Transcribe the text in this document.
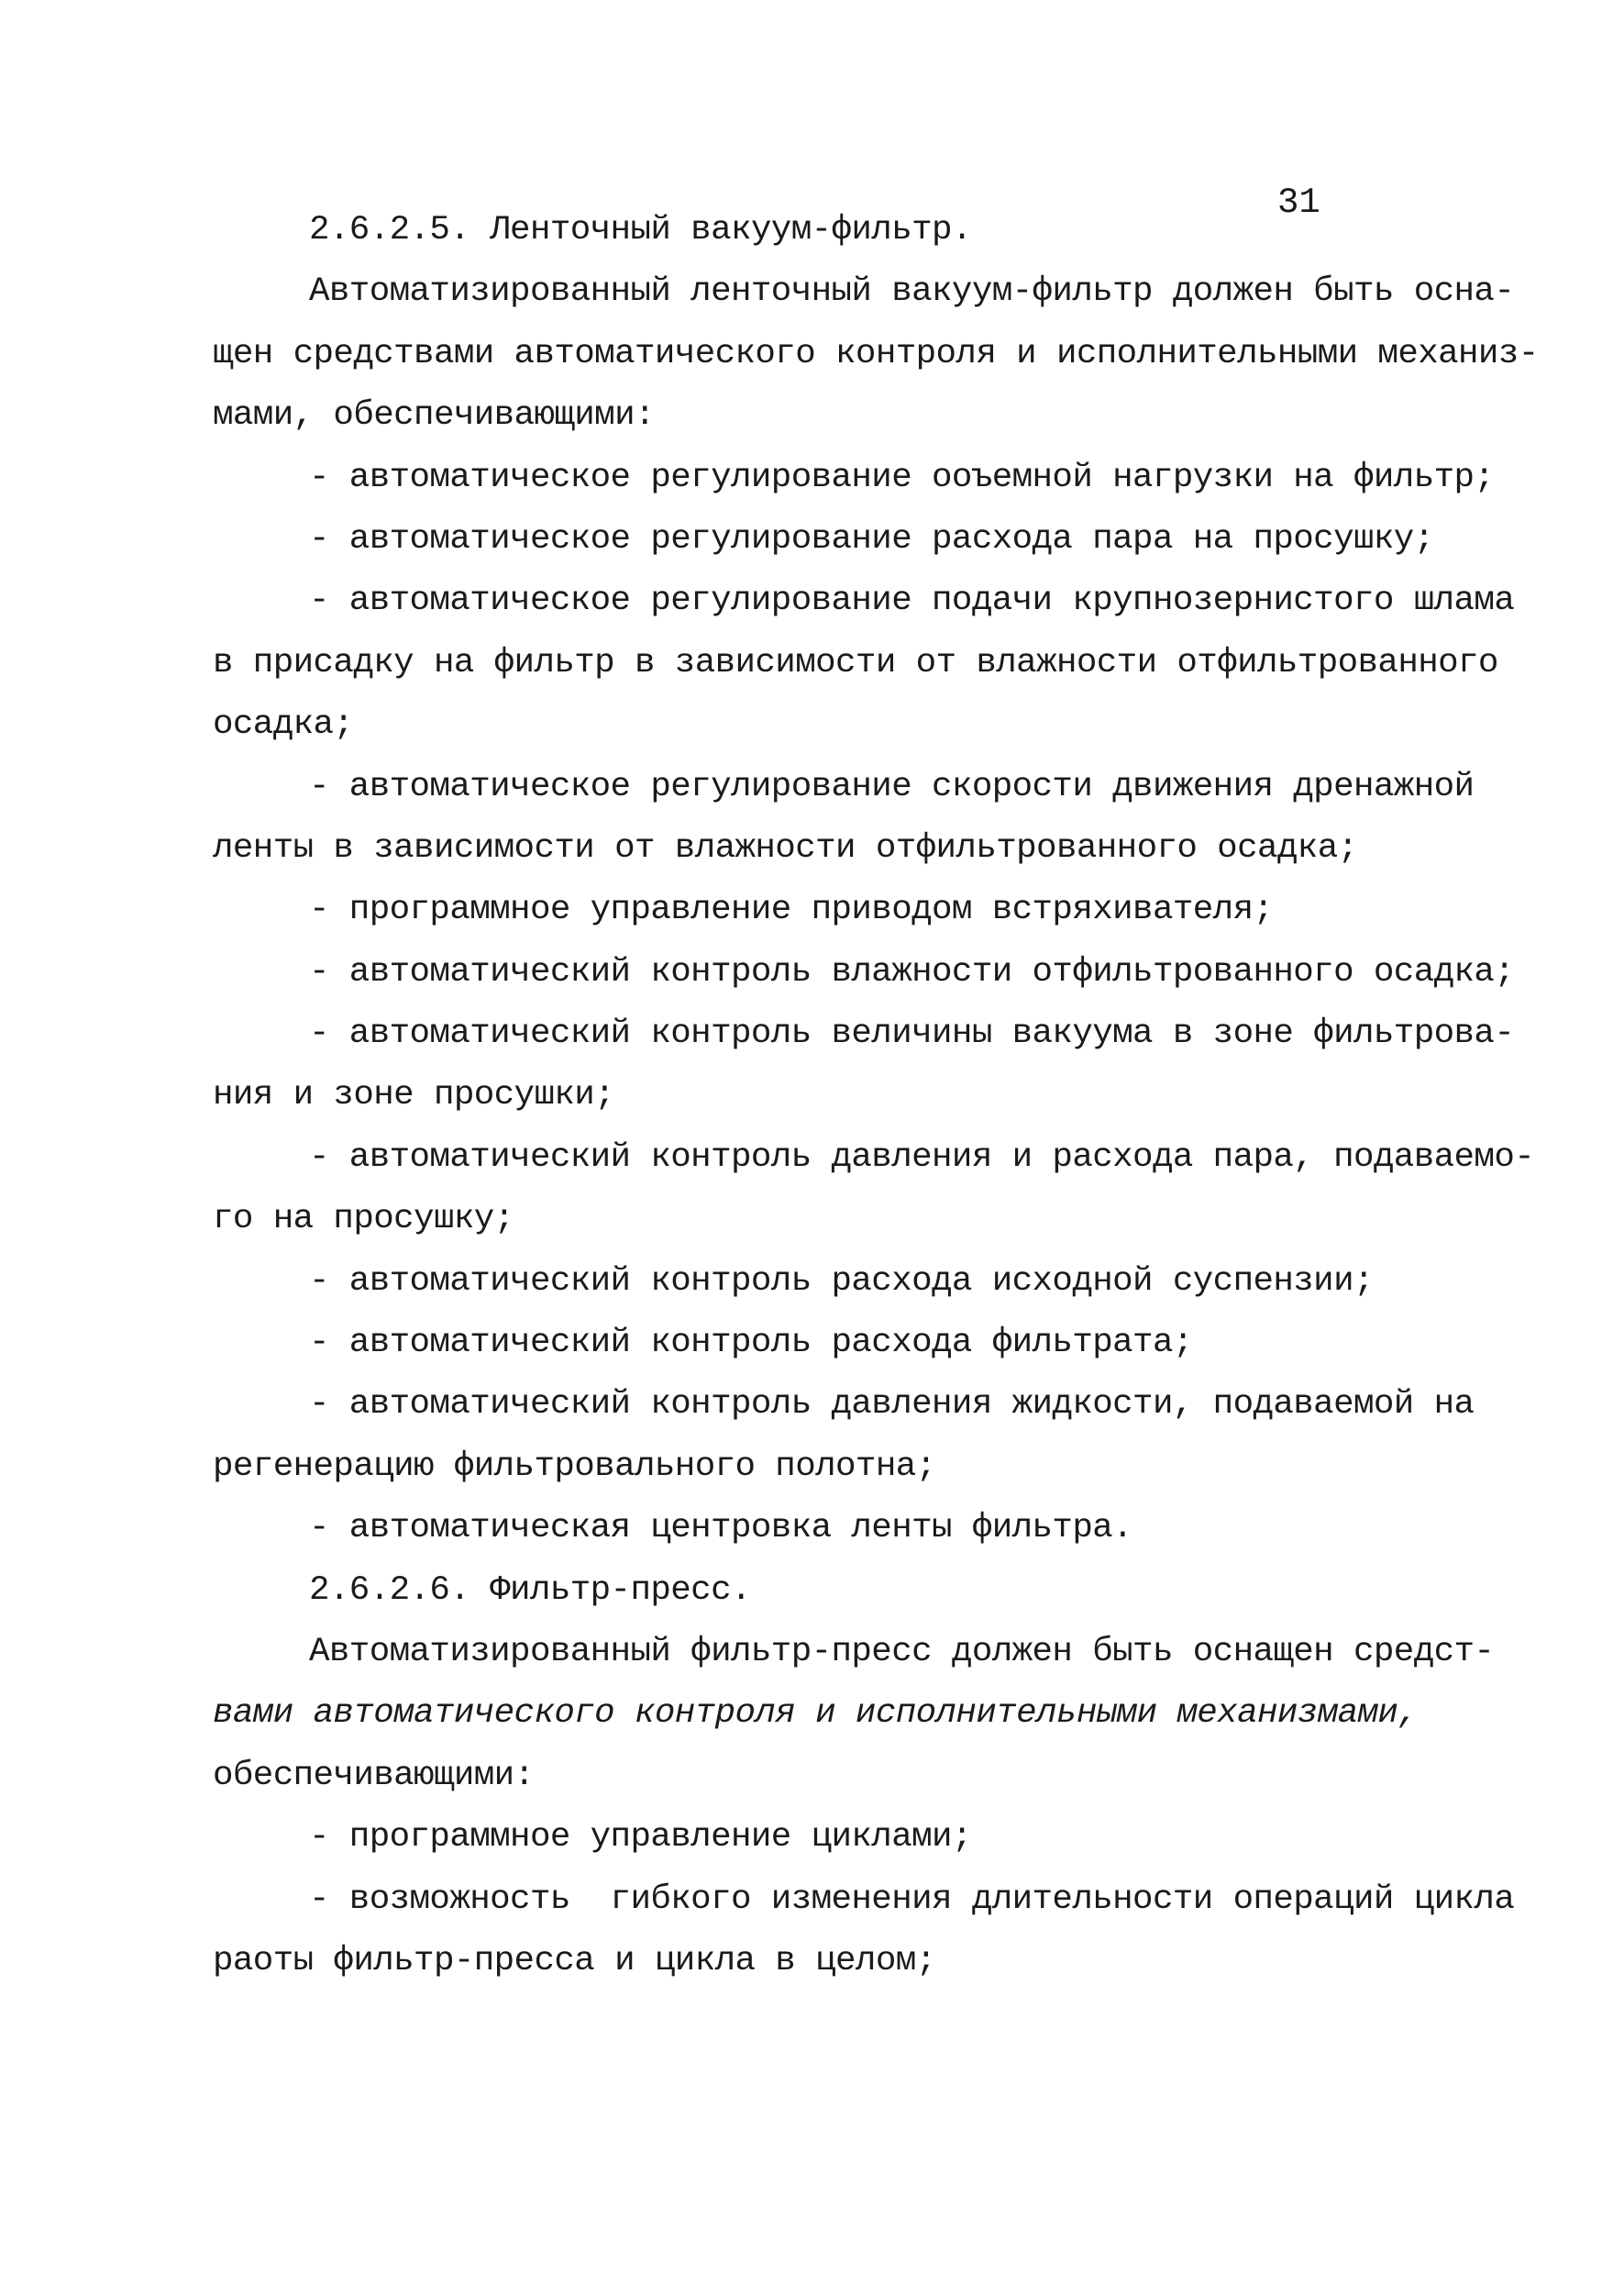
31
2.6.2.5. Ленточный вакуум-фильтр.
Автоматизированный ленточный вакуум-фильтр должен быть осна-
щен средствами автоматического контроля и исполнительными механиз-
мами, обеспечивающими:
- автоматическое регулирование ооъемной нагрузки на фильтр;
- автоматическое регулирование расхода пара на просушку;
- автоматическое регулирование подачи крупнозернистого шлама
в присадку на фильтр в зависимости от влажности отфильтрованного
осадка;
- автоматическое регулирование скорости движения дренажной
ленты в зависимости от влажности отфильтрованного осадка;
- программное управление приводом встряхивателя;
- автоматический контроль влажности отфильтрованного осадка;
- автоматический контроль величины вакуума в зоне фильтрова-
ния и зоне просушки;
- автоматический контроль давления и расхода пара, подаваемо-
го на просушку;
- автоматический контроль расхода исходной суспензии;
- автоматический контроль расхода фильтрата;
- автоматический контроль давления жидкости, подаваемой на
регенерацию фильтровального полотна;
- автоматическая центровка ленты фильтра.
2.6.2.6. Фильтр-пресс.
Автоматизированный фильтр-пресс должен быть оснащен средст-
вами автоматического контроля и исполнительными механизмами,
обеспечивающими:
- программное управление циклами;
- возможность  гибкого изменения длительности операций цикла
раоты фильтр-пресса и цикла в целом;
